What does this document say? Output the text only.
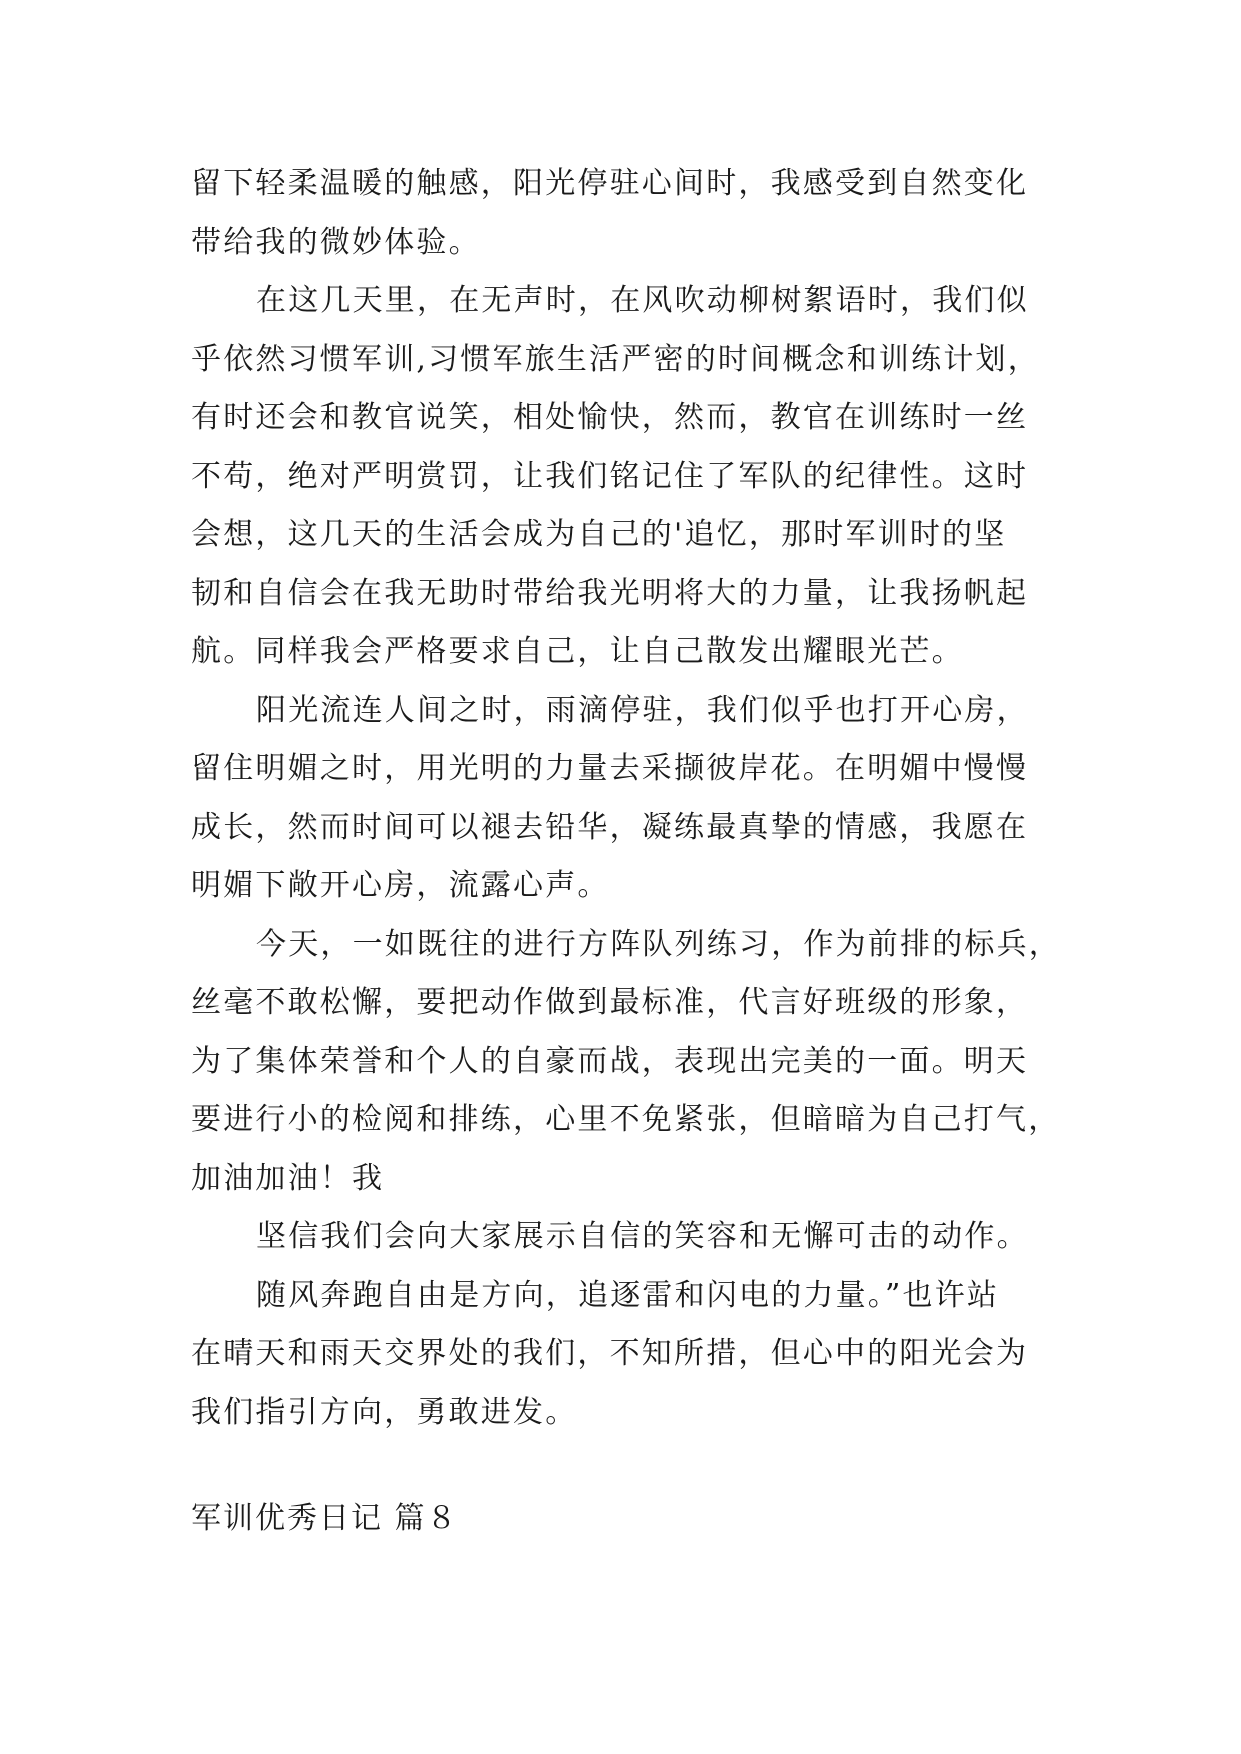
留下轻柔温暖的触感，阳光停驻心间时，我感受到自然变化
带给我的微妙体验。
在这几天里，在无声时，在风吹动柳树絮语时，我们似
乎依然习惯军训,习惯军旅生活严密的时间概念和训练计划，
有时还会和教官说笑，相处愉快，然而，教官在训练时一丝
不苟，绝对严明赏罚，让我们铭记住了军队的纪律性。这时
会想，这几天的生活会成为自己的'追忆，那时军训时的坚
韧和自信会在我无助时带给我光明将大的力量，让我扬帆起
航。同样我会严格要求自己，让自己散发出耀眼光芒。
阳光流连人间之时，雨滴停驻，我们似乎也打开心房，
留住明媚之时，用光明的力量去采撷彼岸花。在明媚中慢慢
成长，然而时间可以褪去铅华，凝练最真挚的情感，我愿在
明媚下敞开心房，流露心声。
今天，一如既往的进行方阵队列练习，作为前排的标兵，
丝毫不敢松懈，要把动作做到最标准，代言好班级的形象，
为了集体荣誉和个人的自豪而战，表现出完美的一面。明天
要进行小的检阅和排练，心里不免紧张，但暗暗为自己打气，
加油加油！我
坚信我们会向大家展示自信的笑容和无懈可击的动作。
随风奔跑自由是方向，追逐雷和闪电的力量。”也许站
在晴天和雨天交界处的我们，不知所措，但心中的阳光会为
我们指引方向，勇敢进发。
军训优秀日记 篇８
